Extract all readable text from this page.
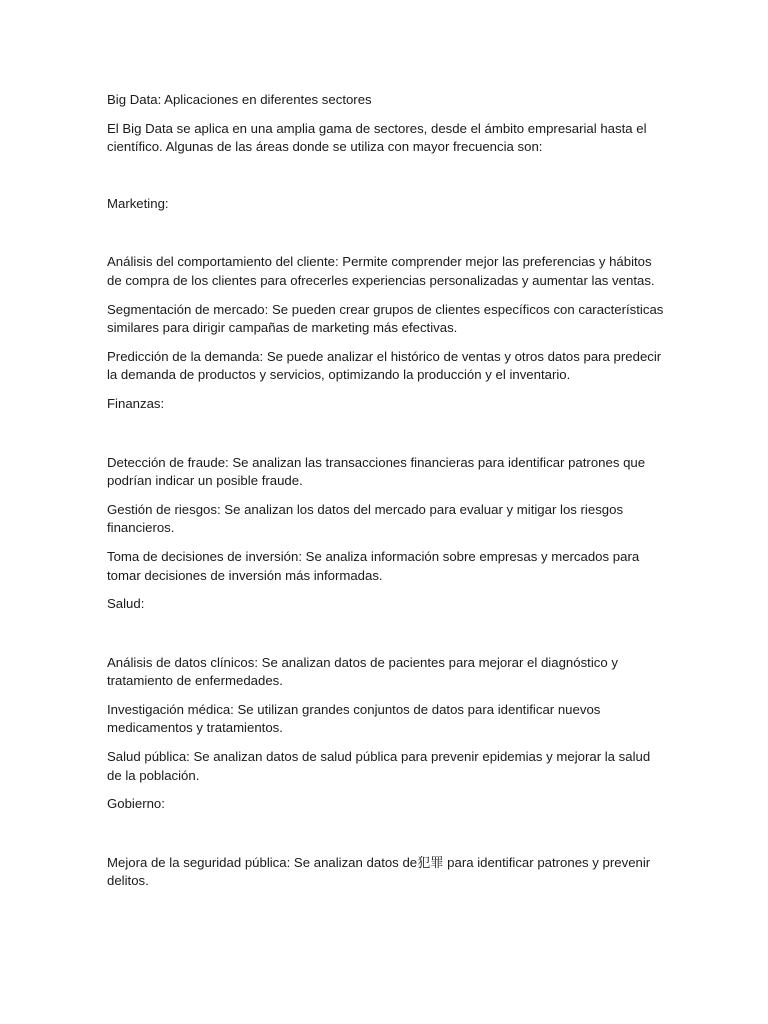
Big Data: Aplicaciones en diferentes sectores

El Big Data se aplica en una amplia gama de sectores, desde el ámbito empresarial hasta el científico. Algunas de las áreas donde se utiliza con mayor frecuencia son:

Marketing:

Análisis del comportamiento del cliente: Permite comprender mejor las preferencias y hábitos de compra de los clientes para ofrecerles experiencias personalizadas y aumentar las ventas.

Segmentación de mercado: Se pueden crear grupos de clientes específicos con características similares para dirigir campañas de marketing más efectivas.

Predicción de la demanda: Se puede analizar el histórico de ventas y otros datos para predecir la demanda de productos y servicios, optimizando la producción y el inventario.

Finanzas:

Detección de fraude: Se analizan las transacciones financieras para identificar patrones que podrían indicar un posible fraude.

Gestión de riesgos: Se analizan los datos del mercado para evaluar y mitigar los riesgos financieros.

Toma de decisiones de inversión: Se analiza información sobre empresas y mercados para tomar decisiones de inversión más informadas.

Salud:

Análisis de datos clínicos: Se analizan datos de pacientes para mejorar el diagnóstico y tratamiento de enfermedades.

Investigación médica: Se utilizan grandes conjuntos de datos para identificar nuevos medicamentos y tratamientos.

Salud pública: Se analizan datos de salud pública para prevenir epidemias y mejorar la salud de la población.

Gobierno:

Mejora de la seguridad pública: Se analizan datos de犯罪 para identificar patrones y prevenir delitos.
